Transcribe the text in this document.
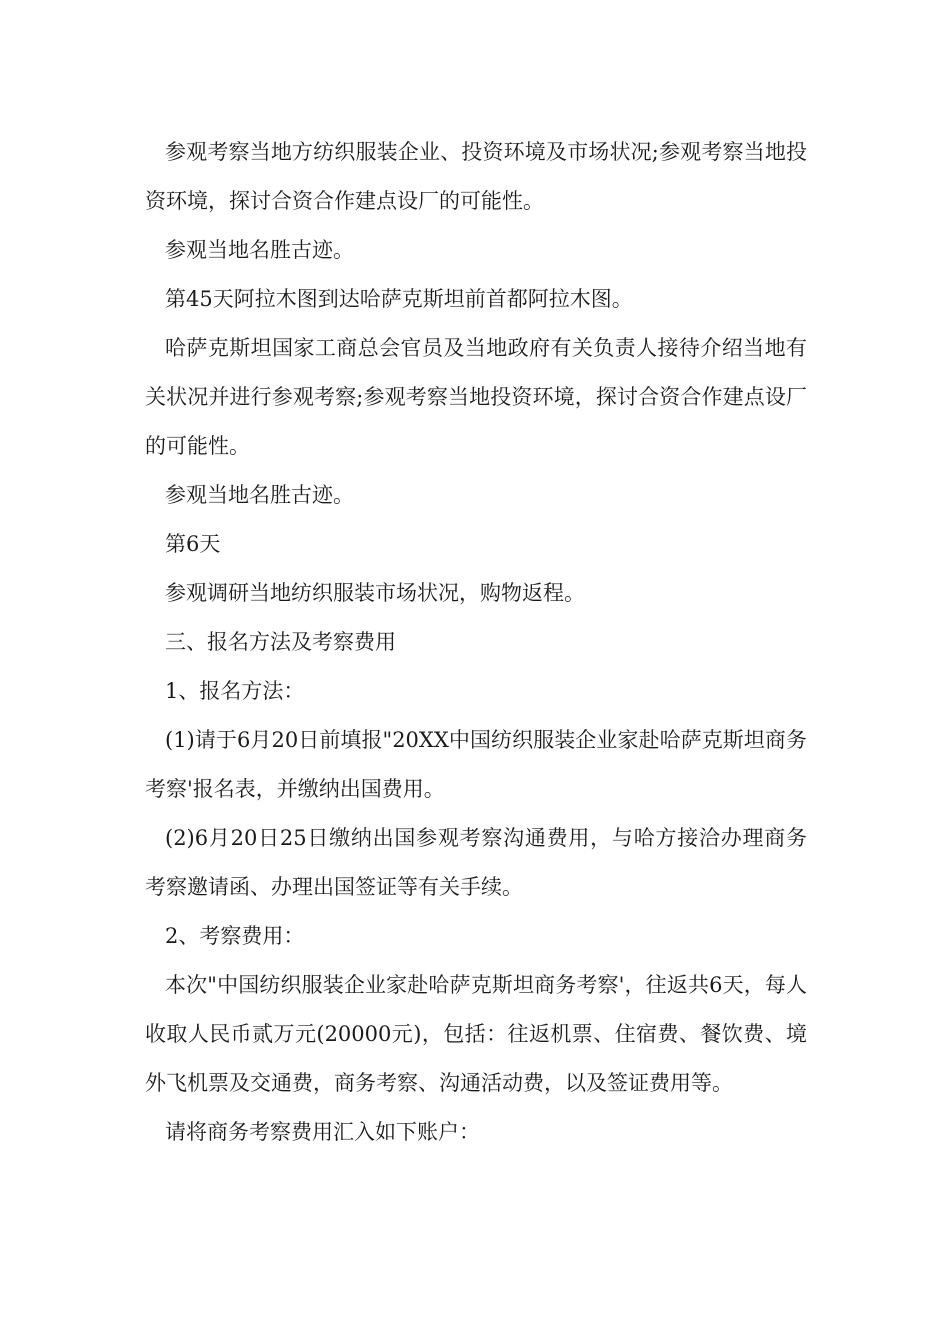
参观考察当地方纺织服装企业、投资环境及市场状况;参观考察当地投资环境，探讨合资合作建点设厂的可能性。

参观当地名胜古迹。

第45天阿拉木图到达哈萨克斯坦前首都阿拉木图。

哈萨克斯坦国家工商总会官员及当地政府有关负责人接待介绍当地有关状况并进行参观考察;参观考察当地投资环境，探讨合资合作建点设厂的可能性。

参观当地名胜古迹。

第6天

参观调研当地纺织服装市场状况，购物返程。

三、报名方法及考察费用

1、报名方法：

(1)请于6月20日前填报"20XX中国纺织服装企业家赴哈萨克斯坦商务考察'报名表，并缴纳出国费用。

(2)6月20日25日缴纳出国参观考察沟通费用，与哈方接洽办理商务考察邀请函、办理出国签证等有关手续。

2、考察费用：

本次"中国纺织服装企业家赴哈萨克斯坦商务考察'，往返共6天，每人收取人民币贰万元(20000元)，包括：往返机票、住宿费、餐饮费、境外飞机票及交通费，商务考察、沟通活动费，以及签证费用等。

请将商务考察费用汇入如下账户：
